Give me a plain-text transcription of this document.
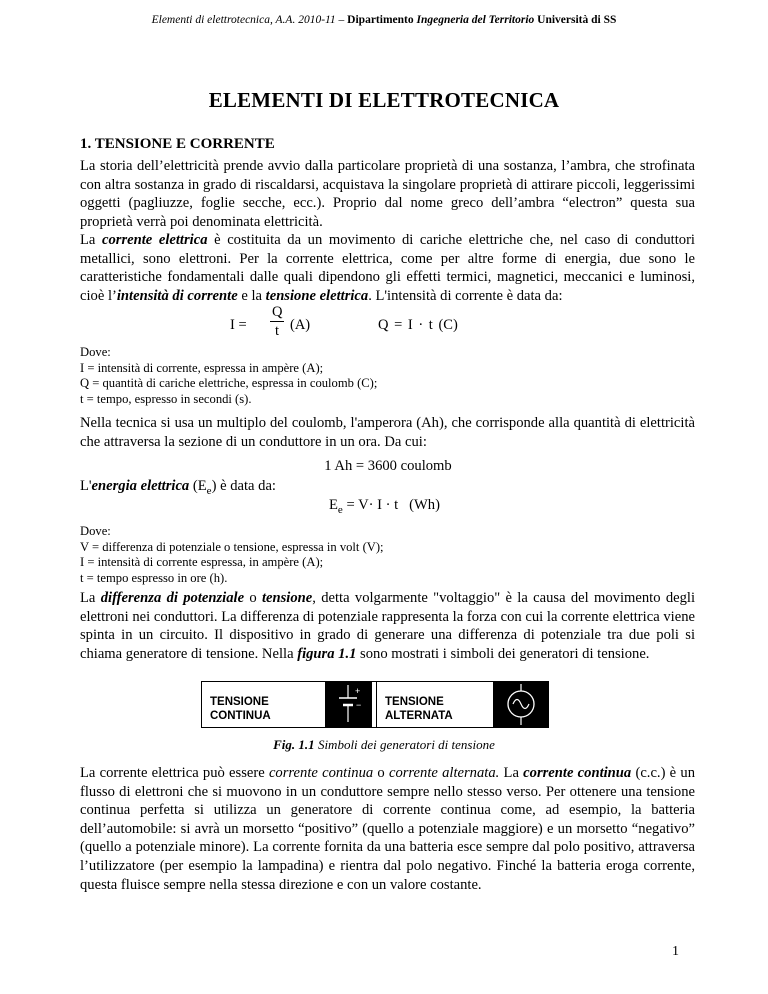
Elementi di elettrotecnica, A.A. 2010-11 – Dipartimento Ingegneria del Territorio Università di SS
ELEMENTI DI ELETTROTECNICA
1. TENSIONE E CORRENTE

La storia dell’elettricità prende avvio dalla particolare proprietà di una sostanza, l’ambra, che strofinata con altra sostanza in grado di riscaldarsi, acquistava la singolare proprietà di attirare piccoli, leggerissimi oggetti (pagliuzze, foglie secche, ecc.). Proprio dal nome greco dell’ambra “electron” questa sua proprietà verrà poi denominata elettricità.

La corrente elettrica è costituita da un movimento di cariche elettriche che, nel caso di conduttori metallici, sono elettroni. Per la corrente elettrica, come per altre forme di energia, due sono le caratteristiche fondamentali dalle quali dipendono gli effetti termici, magnetici, meccanici e luminosi, cioè l’intensità di corrente e la tensione elettrica. L'intensità di corrente è data da:

I =
Q
t (A)	Q = I · t (C)

Dove:

I = intensità di corrente, espressa in ampère (A);

Q = quantità di cariche elettriche, espressa in coulomb (C);

t = tempo, espresso in secondi (s).

Nella tecnica si usa un multiplo del coulomb, l'amperora (Ah), che corrisponde alla quantità di elettricità che attraversa la sezione di un conduttore in un ora. Da cui:

1 Ah = 3600 coulomb
L'energia elettrica $(E_e)$ è data da:
$E_e = V\cdot I \cdot t$   (Wh)

Dove:

V = differenza di potenziale o tensione, espressa in volt (V);

I = intensità di corrente espressa, in ampère (A);

t = tempo espresso in ore (h).

La differenza di potenziale o tensione, detta volgarmente "voltaggio" è la causa del movimento degli elettroni nei conduttori. La differenza di potenziale rappresenta la forza con cui la corrente elettrica viene spinta in un circuito. Il dispositivo in grado di generare una differenza di potenziale tra due poli si chiama generatore di tensione. Nella figura 1.1 sono mostrati i simboli dei generatori di tensione.

TENSIONE
CONTINUA
+
− TENSIONE
ALTERNATA
Fig. 1.1 Simboli dei generatori di tensione

La corrente elettrica può essere corrente continua o corrente alternata. La corrente continua (c.c.) è un flusso di elettroni che si muovono in un conduttore sempre nello stesso verso. Per ottenere una tensione continua perfetta si utilizza un generatore di corrente continua come, ad esempio, la batteria dell’automobile: si avrà un morsetto “positivo” (quello a potenziale maggiore) e un morsetto “negativo” (quello a potenziale minore). La corrente fornita da una batteria esce sempre dal polo positivo, attraversa l’utilizzatore (per esempio la lampadina) e rientra dal polo negativo. Finché la batteria eroga corrente, questa fluisce sempre nella stessa direzione e con un valore costante.

1
